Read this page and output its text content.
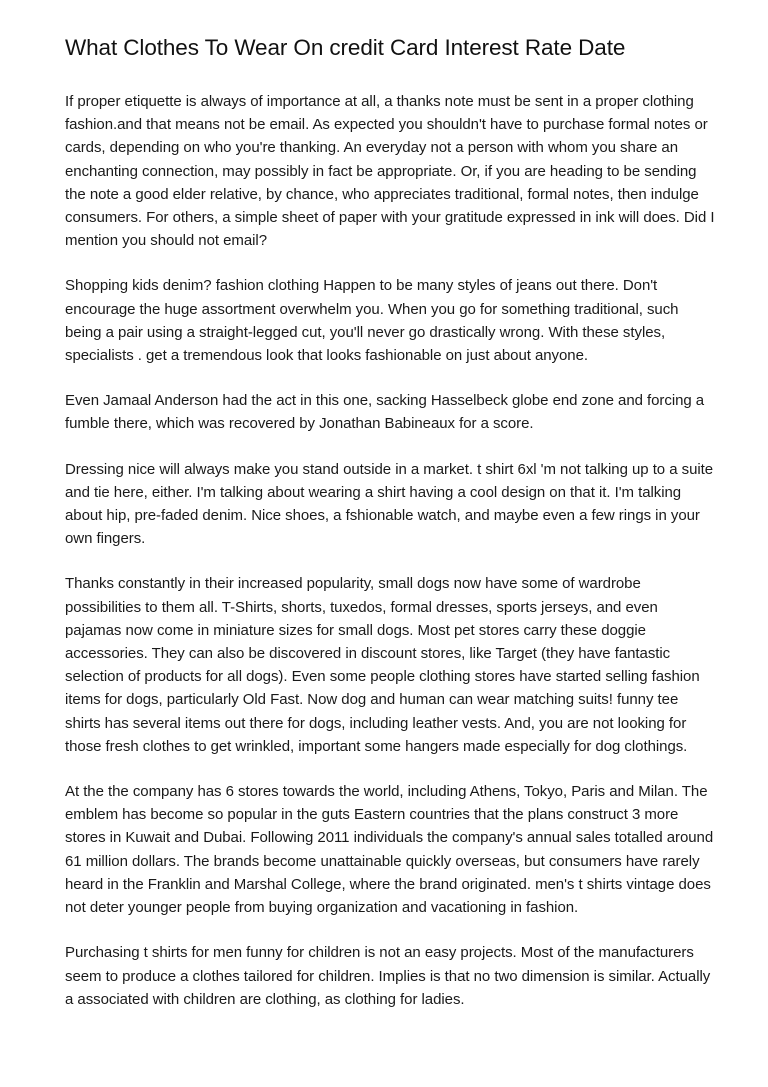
What Clothes To Wear On credit Card Interest Rate Date

If proper etiquette is always of importance at all, a thanks note must be sent in a proper clothing fashion.and that means not be email. As expected you shouldn't have to purchase formal notes or cards, depending on who you're thanking. An everyday not a person with whom you share an enchanting connection, may possibly in fact be appropriate. Or, if you are heading to be sending the note a good elder relative, by chance, who appreciates traditional, formal notes, then indulge consumers. For others, a simple sheet of paper with your gratitude expressed in ink will does. Did I mention you should not email?

Shopping kids denim? fashion clothing Happen to be many styles of jeans out there. Don't encourage the huge assortment overwhelm you. When you go for something traditional, such being a pair using a straight-legged cut, you'll never go drastically wrong. With these styles, specialists . get a tremendous look that looks fashionable on just about anyone.

Even Jamaal Anderson had the act in this one, sacking Hasselbeck globe end zone and forcing a fumble there, which was recovered by Jonathan Babineaux for a score.

Dressing nice will always make you stand outside in a market. t shirt 6xl 'm not talking up to a suite and tie here, either. I'm talking about wearing a shirt having a cool design on that it. I'm talking about hip, pre-faded denim. Nice shoes, a fshionable watch, and maybe even a few rings in your own fingers.

Thanks constantly in their increased popularity, small dogs now have some of wardrobe possibilities to them all. T-Shirts, shorts, tuxedos, formal dresses, sports jerseys, and even pajamas now come in miniature sizes for small dogs. Most pet stores carry these doggie accessories. They can also be discovered in discount stores, like Target (they have fantastic selection of products for all dogs). Even some people clothing stores have started selling fashion items for dogs, particularly Old Fast. Now dog and human can wear matching suits! funny tee shirts has several items out there for dogs, including leather vests. And, you are not looking for those fresh clothes to get wrinkled, important some hangers made especially for dog clothings.

At the the company has 6 stores towards the world, including Athens, Tokyo, Paris and Milan. The emblem has become so popular in the guts Eastern countries that the plans construct 3 more stores in Kuwait and Dubai. Following 2011 individuals the company's annual sales totalled around 61 million dollars. The brands become unattainable quickly overseas, but consumers have rarely heard in the Franklin and Marshal College, where the brand originated. men's t shirts vintage does not deter younger people from buying organization and vacationing in fashion.

Purchasing t shirts for men funny for children is not an easy projects. Most of the manufacturers seem to produce a clothes tailored for children. Implies is that no two dimension is similar. Actually a associated with children are clothing, as clothing for ladies.
